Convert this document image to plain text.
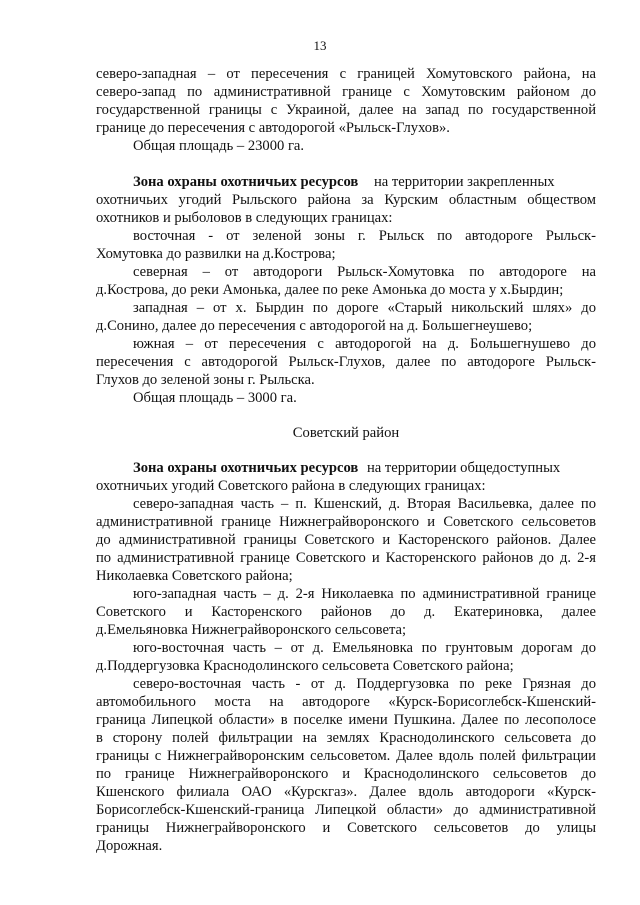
13
северо-западная – от пересечения с границей Хомутовского района, на
северо-запад по административной границе с Хомутовским районом до
государственной границы с Украиной, далее на запад по государственной
границе до пересечения с автодорогой «Рыльск-Глухов».
Общая площадь – 23000 га.
Зона охраны охотничьих ресурсов на территории закрепленных
охотничьих угодий Рыльского района за Курским областным обществом
охотников и рыболовов в следующих границах:
восточная - от зеленой зоны г. Рыльск по автодороге Рыльск-
Хомутовка до развилки на д.Кострова;
северная – от автодороги Рыльск-Хомутовка по автодороге на
д.Кострова, до реки Амонька, далее по реке Амонька до моста у х.Бырдин;
западная – от х. Бырдин по дороге «Старый никольский шлях» до
д.Сонино, далее до пересечения с автодорогой на д. Большегнеушево;
южная – от пересечения с автодорогой на д. Большегнушево до
пересечения с автодорогой Рыльск-Глухов, далее по автодороге Рыльск-
Глухов до зеленой зоны г. Рыльска.
Общая площадь – 3000 га.
Советский район
Зона охраны охотничьих ресурсов на территории общедоступных
охотничьих угодий Советского района в следующих границах:
северо-западная часть – п. Кшенский, д. Вторая Васильевка, далее по
административной границе Нижнеграйворонского и Советского сельсоветов
до административной границы Советского и Касторенского районов. Далее
по административной границе Советского и Касторенского районов до д. 2-я
Николаевка Советского района;
юго-западная часть – д. 2-я Николаевка по административной границе
Советского и Касторенского районов до д. Екатериновка, далее
д.Емельяновка Нижнеграйворонского сельсовета;
юго-восточная часть – от д. Емельяновка по грунтовым дорогам до
д.Поддергузовка Краснодолинского сельсовета Советского района;
северо-восточная часть - от д. Поддергузовка по реке Грязная до
автомобильного моста на автодороге «Курск-Борисоглебск-Кшенский-
граница Липецкой области» в поселке имени Пушкина. Далее по лесополосе
в сторону полей фильтрации на землях Краснодолинского сельсовета до
границы с Нижнеграйворонским сельсоветом. Далее вдоль полей фильтрации
по границе Нижнеграйворонского и Краснодолинского сельсоветов до
Кшенского филиала ОАО «Курскгаз». Далее вдоль автодороги «Курск-
Борисоглебск-Кшенский-граница Липецкой области» до административной
границы Нижнеграйворонского и Советского сельсоветов до улицы
Дорожная.
